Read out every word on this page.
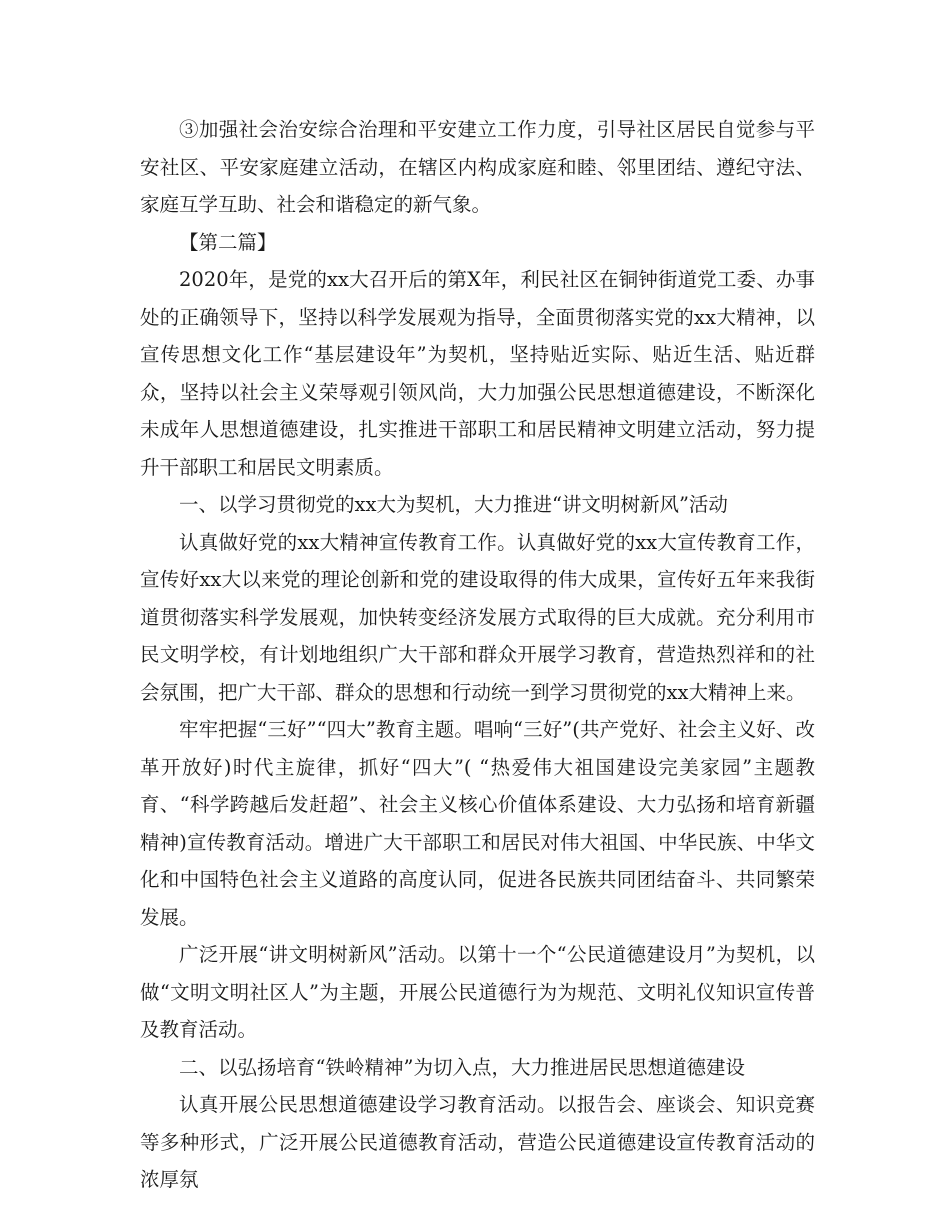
③加强社会治安综合治理和平安建立工作力度，引导社区居民自觉参与平安社区、平安家庭建立活动，在辖区内构成家庭和睦、邻里团结、遵纪守法、家庭互学互助、社会和谐稳定的新气象。

【第二篇】

2020年，是党的xx大召开后的第X年，利民社区在铜钟街道党工委、办事处的正确领导下，坚持以科学发展观为指导，全面贯彻落实党的xx大精神，以宣传思想文化工作“基层建设年”为契机，坚持贴近实际、贴近生活、贴近群众，坚持以社会主义荣辱观引领风尚，大力加强公民思想道德建设，不断深化未成年人思想道德建设，扎实推进干部职工和居民精神文明建立活动，努力提升干部职工和居民文明素质。

一、以学习贯彻党的xx大为契机，大力推进“讲文明树新风”活动

认真做好党的xx大精神宣传教育工作。认真做好党的xx大宣传教育工作，宣传好xx大以来党的理论创新和党的建设取得的伟大成果，宣传好五年来我街道贯彻落实科学发展观，加快转变经济发展方式取得的巨大成就。充分利用市民文明学校，有计划地组织广大干部和群众开展学习教育，营造热烈祥和的社会氛围，把广大干部、群众的思想和行动统一到学习贯彻党的xx大精神上来。

牢牢把握“三好”“四大”教育主题。唱响“三好”(共产党好、社会主义好、改革开放好)时代主旋律，抓好“四大”( “热爱伟大祖国建设完美家园”主题教育、“科学跨越后发赶超”、社会主义核心价值体系建设、大力弘扬和培育新疆精神)宣传教育活动。增进广大干部职工和居民对伟大祖国、中华民族、中华文化和中国特色社会主义道路的高度认同，促进各民族共同团结奋斗、共同繁荣发展。

广泛开展“讲文明树新风”活动。以第十一个“公民道德建设月”为契机，以做“文明文明社区人”为主题，开展公民道德行为为规范、文明礼仪知识宣传普及教育活动。

二、以弘扬培育“铁岭精神”为切入点，大力推进居民思想道德建设

认真开展公民思想道德建设学习教育活动。以报告会、座谈会、知识竞赛等多种形式，广泛开展公民道德教育活动，营造公民道德建设宣传教育活动的浓厚氛
